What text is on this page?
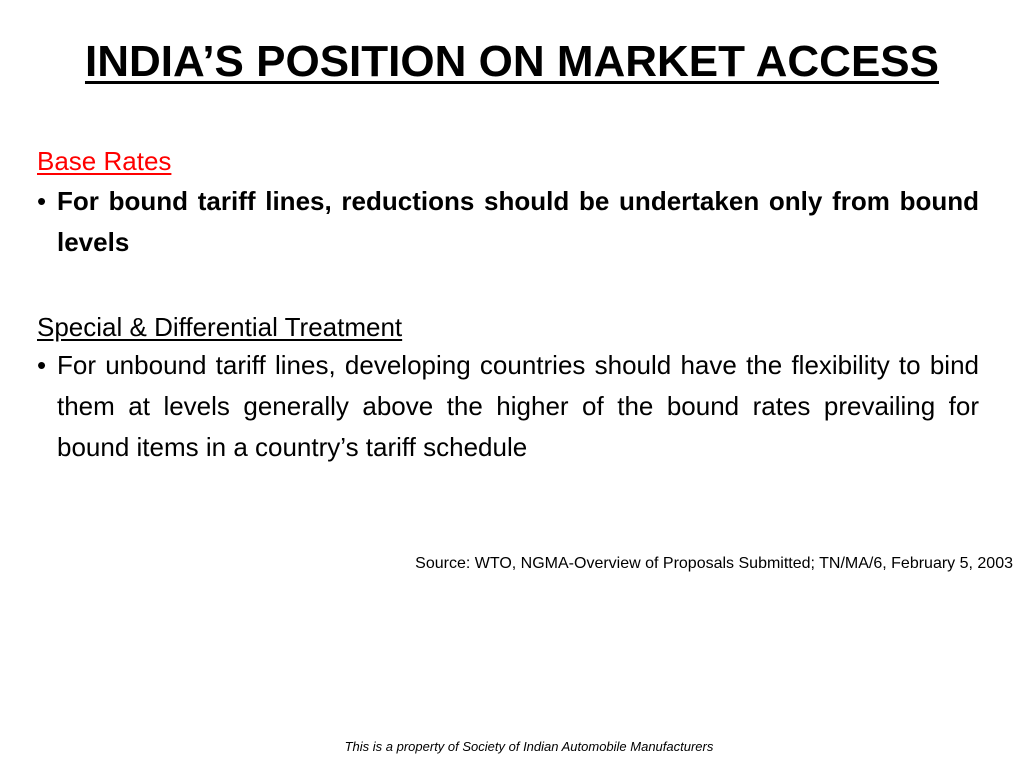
INDIA’S POSITION ON MARKET ACCESS

Base Rates

• For bound tariff lines, reductions should be undertaken only from bound levels

Special & Differential Treatment

• For unbound tariff lines, developing countries should have the flexibility to bind them at levels generally above the higher of the bound rates prevailing for bound items in a country’s tariff schedule
Source: WTO, NGMA-Overview of Proposals Submitted; TN/MA/6, February 5, 2003
This is a property of Society of Indian Automobile Manufacturers
